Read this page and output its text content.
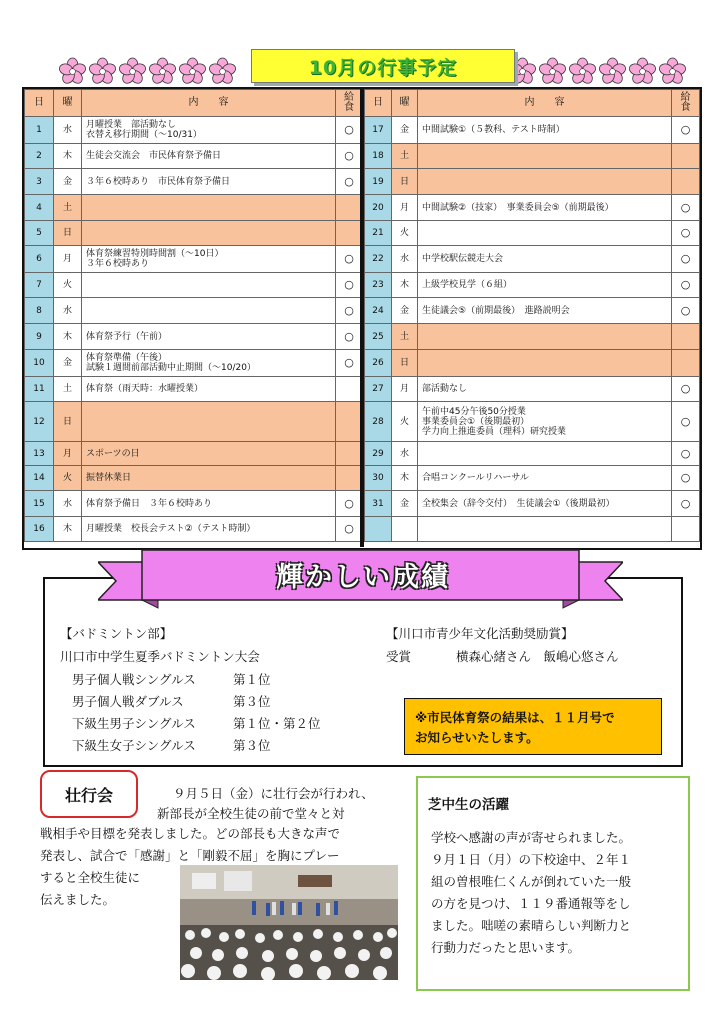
10月の行事予定
日	曜	内　　容	給
食

1	水	月曜授業　部活動なし
衣替え移行期間（～10/31）	○
2	木	生徒会交流会　市民体育祭予備日	○
3	金	３年６校時あり　市民体育祭予備日	○
4	土		
5	日		
6	月	体育祭練習特別時間割（～10日）
３年６校時あり	○
7	火		○
8	水		○
9	木	体育祭予行（午前）	○
10	金	体育祭準備（午後）
試験１週間前部活動中止期間（～10/20）	○
11	土	体育祭（雨天時：水曜授業）	

12	日		
13	月	スポーツの日	

14	火	振替休業日	

15	水	体育祭予備日　３年６校時あり	○
16	木	月曜授業　校長会テスト②（テスト時制）	○
日	曜	内　　容	給
食

17	金	中間試験①（５教科、テスト時制）	○
18	土		
19	日		
20	月	中間試験②（技家）　事業委員会⑤（前期最後）	○
21	火		○
22	水	中学校駅伝競走大会	○
23	木	上級学校見学（６組）	○
24	金	生徒議会⑤（前期最後）　進路説明会	○
25	土		
26	日		
27	月	部活動なし	○
28	火	午前中45分午後50分授業
事業委員会①（後期最初）
学力向上推進委員（理科）研究授業	○
29	水		○
30	木	合唱コンクールリハーサル	○
31	金	全校集会（辞令交付）　生徒議会①（後期最初）	○

輝かしい成績
【バドミントン部】
川口市中学生夏季バドミントン大会
男子個人戦シングルス	第１位
男子個人戦ダブルス	第３位
下級生男子シングルス	第１位・第２位
下級生女子シングルス	第３位
【川口市青少年文化活動奨励賞】
受賞	横森心緒さん　飯嶋心悠さん
※市民体育祭の結果は、１１月号で
お知らせいたします。
壮行会	９月５日（金）に壮行会が行われ、
新部長が全校生徒の前で堂々と対
戦相手や目標を発表しました。どの部長も大きな声で
発表し、試合で「感謝」と「剛毅不屈」を胸にプレー
すると全校生徒に
伝えました。
芝中生の活躍
学校へ感謝の声が寄せられました。
９月１日（月）の下校途中、２年１
組の曽根唯仁くんが倒れていた一般
の方を見つけ、１１９番通報等をし
ました。咄嗟の素晴らしい判断力と
行動力だったと思います。
